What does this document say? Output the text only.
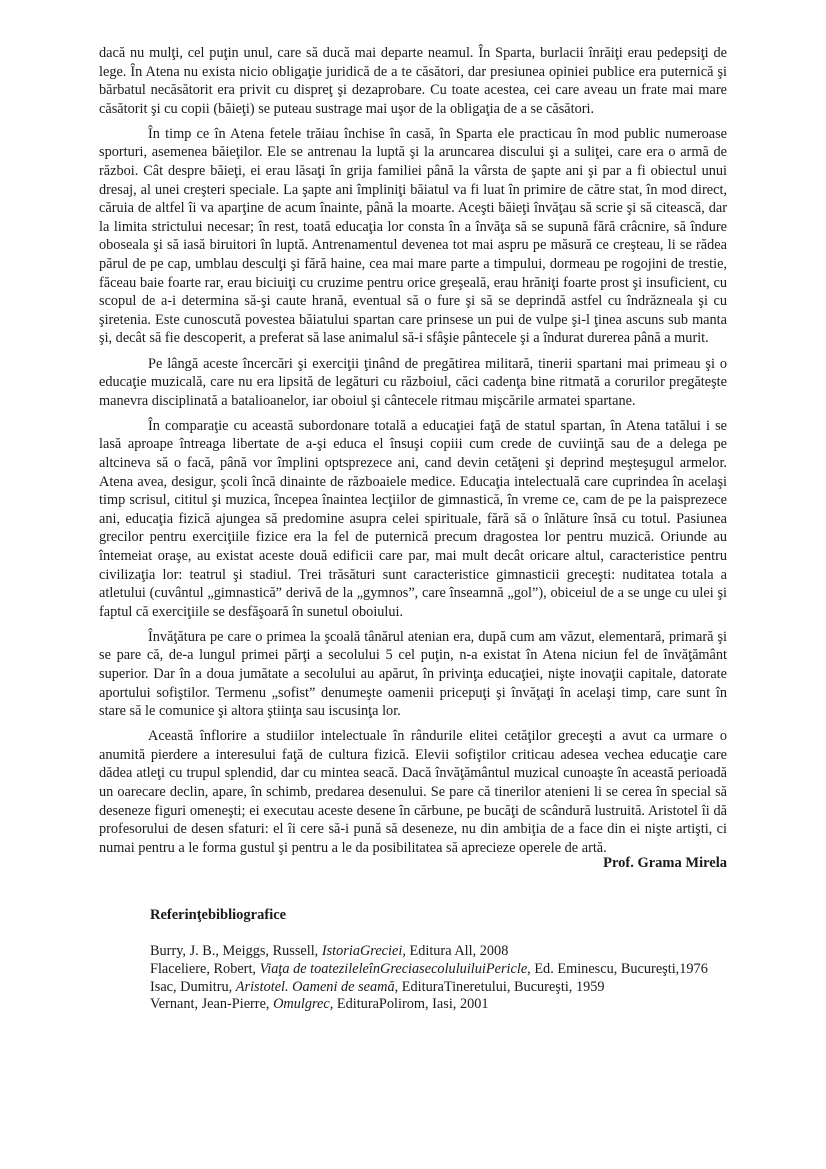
dacă nu mulţi, cel puţin unul, care să ducă mai departe neamul. În Sparta, burlacii înrăiţi erau pedepsiţi de lege. În Atena nu exista nicio obligaţie juridică de a te căsători, dar presiunea opiniei publice era puternică şi bărbatul necăsătorit era privit cu dispreţ şi dezaprobare. Cu toate acestea, cei care aveau un frate mai mare căsătorit şi cu copii (băieţi) se puteau sustrage mai uşor de la obligaţia de a se căsători.

În timp ce în Atena fetele trăiau închise în casă, în Sparta ele practicau în mod public numeroase sporturi, asemenea băieţilor. Ele se antrenau la luptă şi la aruncarea discului şi a suliţei, care era o armă de război. Cât despre băieţi, ei erau lăsaţi în grija familiei până la vârsta de şapte ani şi par a fi obiectul unui dresaj, al unei creşteri speciale. La şapte ani împliniţi băiatul va fi luat în primire de către stat, în mod direct, căruia de altfel îi va aparţine de acum înainte, până la moarte. Aceşti băieţi învăţau să scrie şi să citească, dar la limita strictului necesar; în rest, toată educaţia lor consta în a învăţa să se supună fără crâcnire, să îndure oboseala şi să iasă biruitori în luptă. Antrenamentul devenea tot mai aspru pe măsură ce creşteau, li se rădea părul de pe cap, umblau desculţi şi fără haine, cea mai mare parte a timpului, dormeau pe rogojini de trestie, făceau baie foarte rar, erau biciuiţi cu cruzime pentru orice greşeală, erau hrăniţi foarte prost şi insuficient, cu scopul de a-i determina să-şi caute hrană, eventual să o fure şi să se deprindă astfel cu îndrăzneala şi cu şiretenia. Este cunoscută povestea băiatului spartan care prinsese un pui de vulpe şi-l ţinea ascuns sub manta şi, decât să fie descoperit, a preferat să lase animalul să-i sfâşie pântecele şi a îndurat durerea până a murit.

Pe lângă aceste încercări şi exerciţii ţinând de pregătirea militară, tinerii spartani mai primeau şi o educaţie muzicală, care nu era lipsită de legături cu războiul, căci cadenţa bine ritmată a corurilor pregăteşte manevra disciplinată a batalioanelor, iar oboiul şi cântecele ritmau mişcările armatei spartane.

În comparaţie cu această subordonare totală a educaţiei faţă de statul spartan, în Atena tatălui i se lasă aproape întreaga libertate de a-şi educa el însuşi copiii cum crede de cuviinţă sau de a delega pe altcineva să o facă, până vor împlini optsprezece ani, cand devin cetăţeni şi deprind meşteşugul armelor. Atena avea, desigur, şcoli încă dinainte de războaiele medice. Educaţia intelectuală care cuprindea în acelaşi timp scrisul, cititul şi muzica, începea înaintea lecţiilor de gimnastică, în vreme ce, cam de pe la paisprezece ani, educaţia fizică ajungea să predomine asupra celei spirituale, fără să o înlăture însă cu totul. Pasiunea grecilor pentru exerciţiile fizice era la fel de puternică precum dragostea lor pentru muzică. Oriunde au întemeiat oraşe, au existat aceste două edificii care par, mai mult decât oricare altul, caracteristice pentru civilizaţia lor: teatrul şi stadiul. Trei trăsături sunt caracteristice gimnasticii greceşti: nuditatea totala a atletului (cuvântul „gimnastică” derivă de la „gymnos”, care înseamnă „gol”), obiceiul de a se unge cu ulei şi faptul că exerciţiile se desfăşoară în sunetul oboiului.

Învăţătura pe care o primea la şcoală tânărul atenian era, după cum am văzut, elementară, primară şi se pare că, de-a lungul primei părţi a secolului 5 cel puţin, n-a existat în Atena niciun fel de învăţământ superior. Dar în a doua jumătate a secolului au apărut, în privinţa educaţiei, nişte inovaţii capitale, datorate aportului sofiştilor. Termenu „sofist” denumeşte oamenii pricepuţi şi învăţaţi în acelaşi timp, care sunt în stare să le comunice şi altora ştiinţa sau iscusinţa lor.

Această înflorire a studiilor intelectuale în rândurile elitei cetăţilor greceşti a avut ca urmare o anumită pierdere a interesului faţă de cultura fizică. Elevii sofiştilor criticau adesea vechea educaţie care dădea atleţi cu trupul splendid, dar cu mintea seacă. Dacă învăţământul muzical cunoaşte în această perioadă un oarecare declin, apare, în schimb, predarea desenului. Se pare că tinerilor atenieni li se cerea în special să deseneze figuri omeneşti; ei executau aceste desene în cărbune, pe bucăţi de scândură lustruită. Aristotel îi dă profesorului de desen sfaturi: el îi cere să-i pună să deseneze, nu din ambiţia de a face din ei nişte artişti, ci numai pentru a le forma gustul şi pentru a le da posibilitatea să aprecieze operele de artă.

Prof. Grama Mirela
Referinţebibliografice
Burry, J. B., Meiggs, Russell, IstoriaGreciei, Editura All, 2008
Flaceliere, Robert, Viaţa de toatezileleînGreciasecoluluiluiPericle, Ed. Eminescu, Bucureşti,1976
Isac, Dumitru, Aristotel. Oameni de seamă, EdituraTineretului, Bucureşti, 1959
Vernant, Jean-Pierre, Omulgrec, EdituraPolirom, Iasi, 2001
